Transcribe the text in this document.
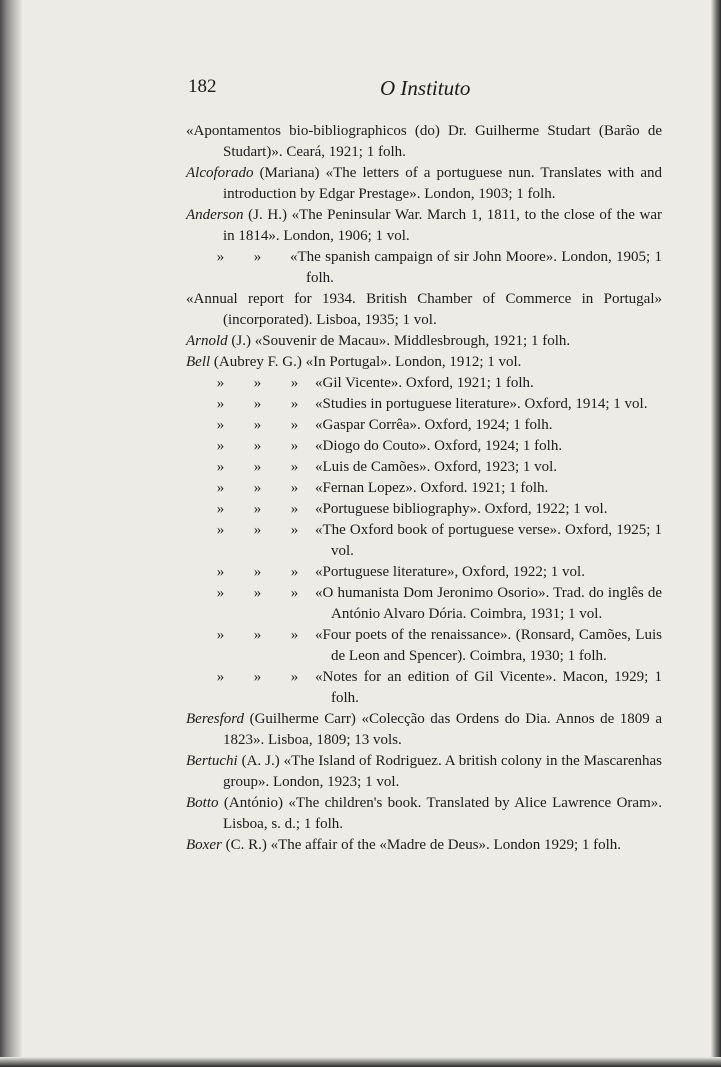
182	O Instituto

«Apontamentos bio-bibliographicos (do) Dr. Guilherme Studart (Barão de Studart)». Ceará, 1921; 1 folh.

Alcoforado (Mariana) «The letters of a portuguese nun. Translates with and introduction by Edgar Prestage». London, 1903; 1 folh.

Anderson (J. H.) «The Peninsular War. March 1, 1811, to the close of the war in 1814». London, 1906; 1 vol.

» » «The spanish campaign of sir John Moore». London, 1905; 1 folh.

«Annual report for 1934. British Chamber of Commerce in Portugal» (incorporated). Lisboa, 1935; 1 vol.

Arnold (J.) «Souvenir de Macau». Middlesbrough, 1921; 1 folh.

Bell (Aubrey F. G.) «In Portugal». London, 1912; 1 vol.

» » » «Gil Vicente». Oxford, 1921; 1 folh.

» » » «Studies in portuguese literature». Oxford, 1914; 1 vol.

» » » «Gaspar Corrêa». Oxford, 1924; 1 folh.

» » » «Diogo do Couto». Oxford, 1924; 1 folh.

» » » «Luis de Camões». Oxford, 1923; 1 vol.

» » » «Fernan Lopez». Oxford. 1921; 1 folh.

» » » «Portuguese bibliography». Oxford, 1922; 1 vol.

» » » «The Oxford book of portuguese verse». Oxford, 1925; 1 vol.

» » » «Portuguese literature», Oxford, 1922; 1 vol.

» » » «O humanista Dom Jeronimo Osorio». Trad. do inglês de António Alvaro Dória. Coimbra, 1931; 1 vol.

» » » «Four poets of the renaissance». (Ronsard, Camões, Luis de Leon and Spencer). Coimbra, 1930; 1 folh.

» » » «Notes for an edition of Gil Vicente». Macon, 1929; 1 folh.

Beresford (Guilherme Carr) «Colecção das Ordens do Dia. Annos de 1809 a 1823». Lisboa, 1809; 13 vols.

Bertuchi (A. J.) «The Island of Rodriguez. A british colony in the Mascarenhas group». London, 1923; 1 vol.

Botto (António) «The children's book. Translated by Alice Lawrence Oram». Lisboa, s. d.; 1 folh.

Boxer (C. R.) «The affair of the «Madre de Deus». London 1929; 1 folh.
